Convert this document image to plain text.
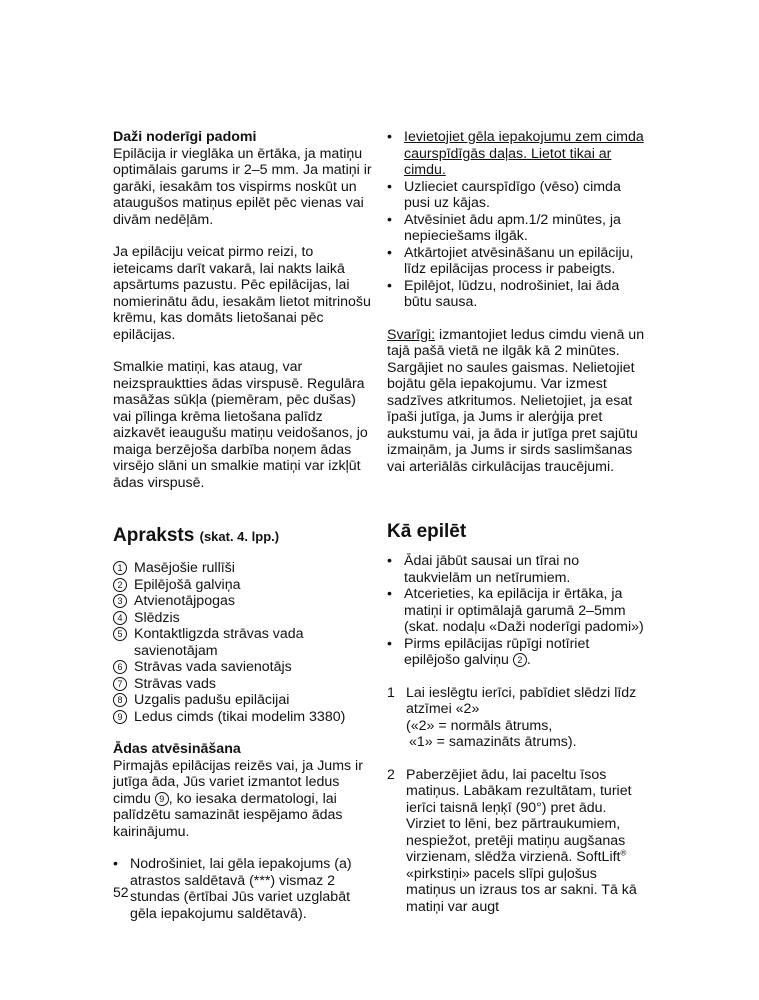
Daži noderīgi padomi

Epilācija ir vieglāka un ērtāka, ja matiņu optimālais garums ir 2–5 mm. Ja matiņi ir garāki, iesakām tos vispirms noskūt un ataugušos matiņus epilēt pēc vienas vai divām nedēļām.

Ja epilāciju veicat pirmo reizi, to ieteicams darīt vakarā, lai nakts laikā apsārtums pazustu. Pēc epilācijas, lai nomierinātu ādu, iesakām lietot mitrinošu krēmu, kas domāts lietošanai pēc epilācijas.

Smalkie matiņi, kas ataug, var neizsprauktties ādas virspusē. Regulāra masāžas sūkļa (piemēram, pēc dušas) vai pīlinga krēma lietošana palīdz aizkavēt ieaugušu matiņu veidošanos, jo maiga berzējoša darbība noņem ādas virsējo slāni un smalkie matiņi var izkļūt ādas virspusē.

Apraksts (skat. 4. lpp.)

1 Masējošie rullīši
2 Epilējošā galviņa
3 Atvienotājpogas
4 Slēdzis
5 Kontaktligzda strāvas vada savienotājam
6 Strāvas vada savienotājs
7 Strāvas vads
8 Uzgalis padušu epilācijai
9 Ledus cimds (tikai modelim 3380)

Ādas atvēsināšana

Pirmajās epilācijas reizēs vai, ja Jums ir jutīga āda, Jūs variet izmantot ledus cimdu 9 , ko iesaka dermatologi, lai palīdzētu samazināt iespējamo ādas kairinājumu.

• Nodrošiniet, lai gēla iepakojums (a) atrastos saldētavā (***) vismaz 2 stundas (ērtībai Jūs variet uzglabāt gēla iepakojumu saldētavā).
• Ievietojiet gēla iepakojumu zem cimda caurspīdīgās daļas. Lietot tikai ar cimdu.
• Uzlieciet caurspīdīgo (vēso) cimda pusi uz kājas.
• Atvēsiniet ādu apm.1/2 minūtes, ja nepieciešams ilgāk.
• Atkārtojiet atvēsināšanu un epilāciju, līdz epilācijas process ir pabeigts.
• Epilējot, lūdzu, nodrošiniet, lai āda būtu sausa.

Svarīgi: izmantojiet ledus cimdu vienā un tajā pašā vietā ne ilgāk kā 2 minūtes. Sargājiet no saules gaismas. Nelietojiet bojātu gēla iepakojumu. Var izmest sadzīves atkritumos. Nelietojiet, ja esat īpaši jutīga, ja Jums ir alerģija pret aukstumu vai, ja āda ir jutīga pret sajūtu izmaiņām, ja Jums ir sirds saslimšanas vai arteriālās cirkulācijas traucējumi.

Kā epilēt

• Ādai jābūt sausai un tīrai no taukvielām un netīrumiem.
• Atcerieties, ka epilācija ir ērtāka, ja matiņi ir optimālajā garumā 2–5mm (skat. nodaļu «Daži noderīgi padomi»)
• Pirms epilācijas rūpīgi notīriet epilējošo galviņu 2 .
1 Lai ieslēgtu ierīci, pabīdiet slēdzi līdz atzīmei «2»
(«2» = normāls ātrums,
«1» = samazināts ātrums).
2 Paberzējiet ādu, lai paceltu īsos matiņus. Labākam rezultātam, turiet ierīci taisnā leņķī (90°) pret ādu. Virziet to lēni, bez pārtraukumiem, nespiežot, pretēji matiņu augšanas virzienam, slēdža virzienā. SoftLift® «pirkstiņi» pacels slīpi guļošus matiņus un izraus tos ar sakni. Tā kā matiņi var augt
52
